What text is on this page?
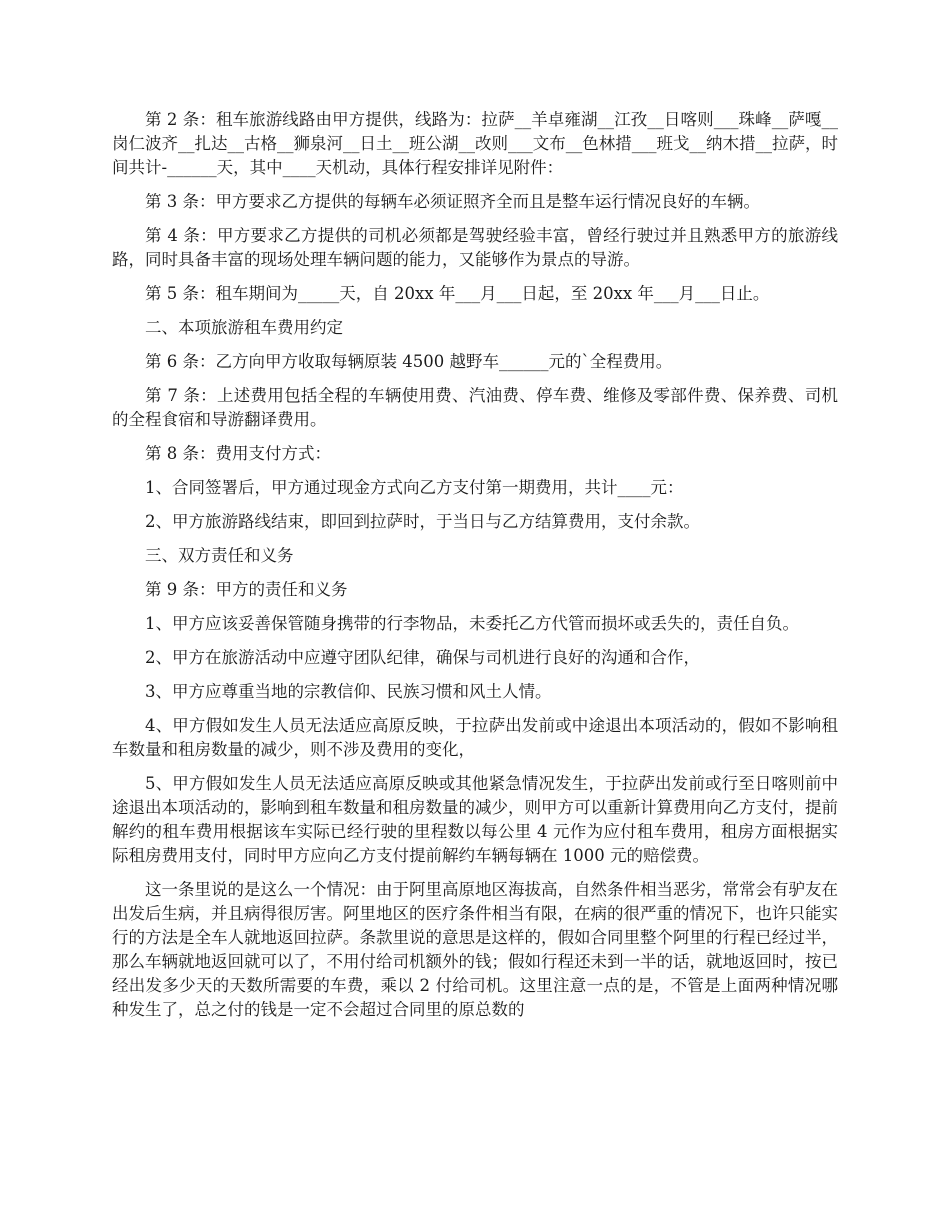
第 2 条：租车旅游线路由甲方提供，线路为：拉萨__羊卓雍湖__江孜__日喀则___珠峰__萨嘎__岗仁波齐__扎达__古格__狮泉河__日土__班公湖__改则___文布__色林措___班戈__纳木措__拉萨，时间共计-______天，其中____天机动，具体行程安排详见附件：

第 3 条：甲方要求乙方提供的每辆车必须证照齐全而且是整车运行情况良好的车辆。

第 4 条：甲方要求乙方提供的司机必须都是驾驶经验丰富，曾经行驶过并且熟悉甲方的旅游线路，同时具备丰富的现场处理车辆问题的能力，又能够作为景点的导游。

第 5 条：租车期间为_____天，自 20xx 年___月___日起，至 20xx 年___月___日止。

二、本项旅游租车费用约定

第 6 条：乙方向甲方收取每辆原装 4500 越野车______元的`全程费用。

第 7 条：上述费用包括全程的车辆使用费、汽油费、停车费、维修及零部件费、保养费、司机的全程食宿和导游翻译费用。

第 8 条：费用支付方式：

1、合同签署后，甲方通过现金方式向乙方支付第一期费用，共计____元：

2、甲方旅游路线结束，即回到拉萨时，于当日与乙方结算费用，支付余款。

三、双方责任和义务

第 9 条：甲方的责任和义务

1、甲方应该妥善保管随身携带的行李物品，未委托乙方代管而损坏或丢失的，责任自负。

2、甲方在旅游活动中应遵守团队纪律，确保与司机进行良好的沟通和合作，

3、甲方应尊重当地的宗教信仰、民族习惯和风土人情。

4、甲方假如发生人员无法适应高原反映，于拉萨出发前或中途退出本项活动的，假如不影响租车数量和租房数量的减少，则不涉及费用的变化，

5、甲方假如发生人员无法适应高原反映或其他紧急情况发生，于拉萨出发前或行至日喀则前中途退出本项活动的，影响到租车数量和租房数量的减少，则甲方可以重新计算费用向乙方支付，提前解约的租车费用根据该车实际已经行驶的里程数以每公里 4 元作为应付租车费用，租房方面根据实际租房费用支付，同时甲方应向乙方支付提前解约车辆每辆在 1000 元的赔偿费。

这一条里说的是这么一个情况：由于阿里高原地区海拔高，自然条件相当恶劣，常常会有驴友在出发后生病，并且病得很厉害。阿里地区的医疗条件相当有限，在病的很严重的情况下，也许只能实行的方法是全车人就地返回拉萨。条款里说的意思是这样的，假如合同里整个阿里的行程已经过半，那么车辆就地返回就可以了，不用付给司机额外的钱；假如行程还未到一半的话，就地返回时，按已经出发多少天的天数所需要的车费，乘以 2 付给司机。这里注意一点的是，不管是上面两种情况哪种发生了，总之付的钱是一定不会超过合同里的原总数的
